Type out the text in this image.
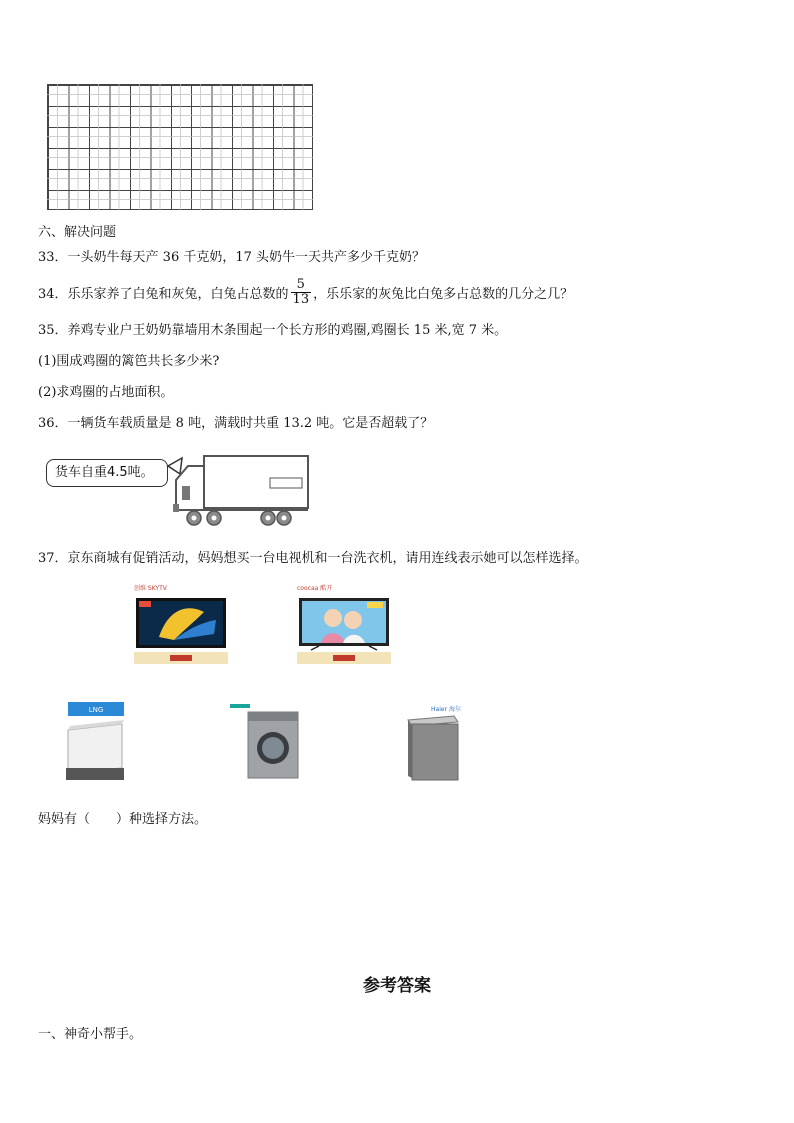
六、解决问题
33．一头奶牛每天产 36 千克奶，17 头奶牛一天共产多少千克奶？
34．乐乐家养了白兔和灰兔，白兔占总数的 $\frac{5}{13}$ ，乐乐家的灰兔比白兔多占总数的几分之几？
35．养鸡专业户王奶奶靠墙用木条围起一个长方形的鸡圈,鸡圈长 15 米,宽 7 米。
(1)围成鸡圈的篱笆共长多少米?
(2)求鸡圈的占地面积。
36．一辆货车载质量是 8 吨，满载时共重 13.2 吨。它是否超载了？
货车自重4.5吨。
37．京东商城有促销活动，妈妈想买一台电视机和一台洗衣机，请用连线表示她可以怎样选择。
创维 SKYTV	coocaa 酷开
LNG	Haier 海尔
妈妈有（　　）种选择方法。
参考答案
一、神奇小帮手。
